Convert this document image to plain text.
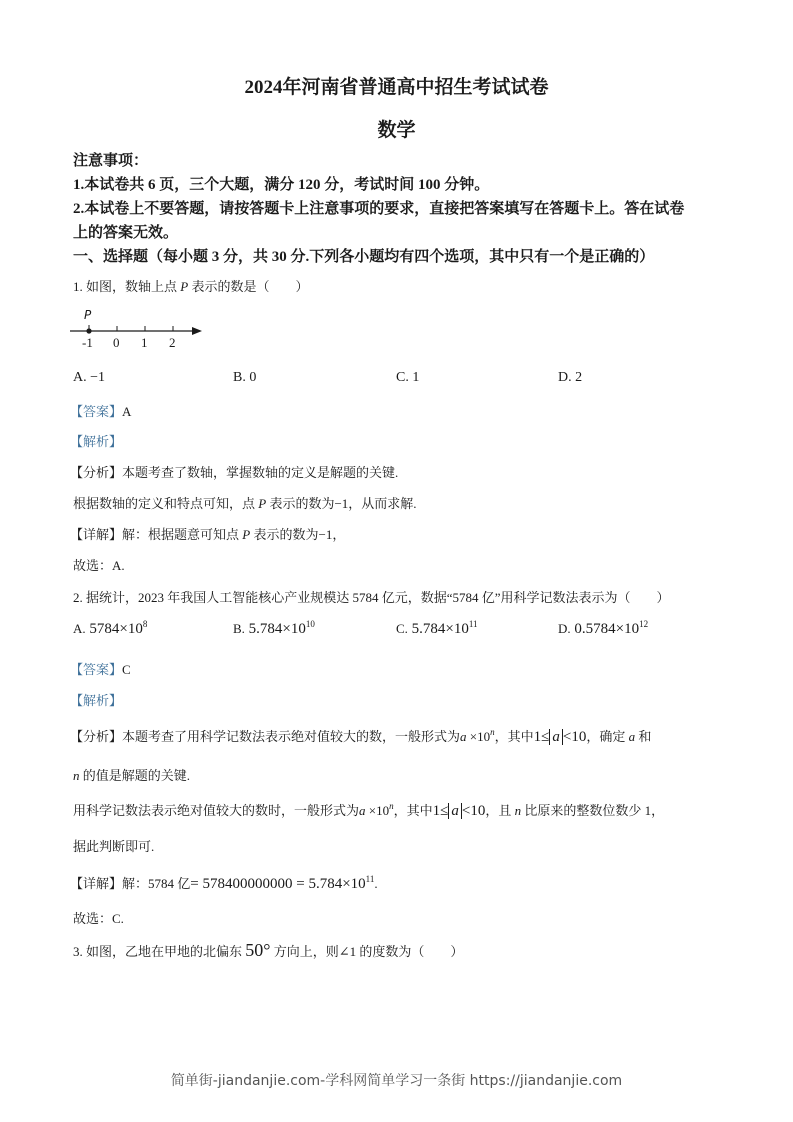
2024年河南省普通高中招生考试试卷
数学
注意事项：
1.本试卷共 6 页，三个大题，满分 120 分，考试时间 100 分钟。
2.本试卷上不要答题，请按答题卡上注意事项的要求，直接把答案填写在答题卡上。答在试卷
上的答案无效。
一、选择题（每小题 3 分，共 30 分.下列各小题均有四个选项，其中只有一个是正确的）
1. 如图，数轴上点 P 表示的数是（　　）
P
-1 0 1 2
A. −1	B. 0	C. 1	D. 2
【答案】A
【解析】
【分析】本题考查了数轴，掌握数轴的定义是解题的关键.
根据数轴的定义和特点可知，点 P 表示的数为−1，从而求解.
【详解】解：根据题意可知点 P 表示的数为−1，
故选：A.
2. 据统计，2023 年我国人工智能核心产业规模达 5784 亿元，数据“5784 亿”用科学记数法表示为（　　）
A. $5784\times 10^8$	B. $5.784\times 10^{10}$	C. $5.784\times 10^{11}$	D. $0.5784\times 10^{12}$
【答案】C
【解析】
【分析】本题考查了用科学记数法表示绝对值较大的数，一般形式为$a \times 10^n$，其中1≤ a <10，确定 a 和
n 的值是解题的关键.
用科学记数法表示绝对值较大的数时，一般形式为$a \times 10^n$，其中1≤ a <10，且 n 比原来的整数位数少 1，
据此判断即可.
【详解】解：5784 亿= $578400000000 = 5.784\times 10^{11}$.
故选：C.
3. 如图，乙地在甲地的北偏东 50° 方向上，则∠1 的度数为（　　）
简单街-jiandanjie.com-学科网简单学习一条街 https://jiandanjie.com
